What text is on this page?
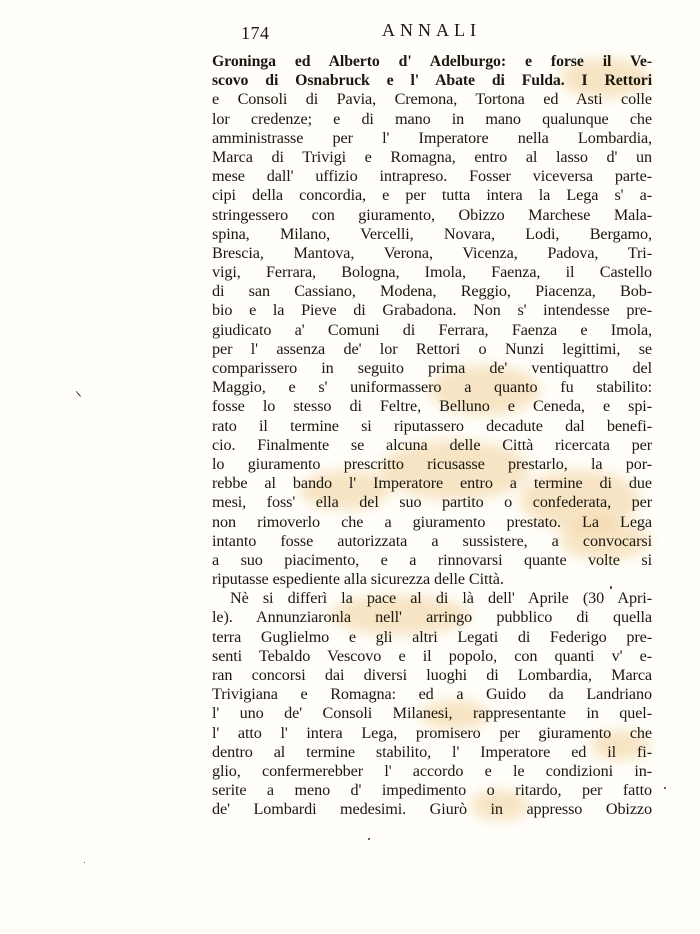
174	ANNALI
Groninga ed Alberto d' Adelburgo: e forse il Ve-
scovo di Osnabruck e l' Abate di Fulda. I Rettori
e Consoli di Pavia, Cremona, Tortona ed Asti colle
lor credenze; e di mano in mano qualunque che
amministrasse per l' Imperatore nella Lombardia,
Marca di Trivigi e Romagna, entro al lasso d' un
mese dall' uffizio intrapreso. Fosser viceversa parte-
cipi della concordia, e per tutta intera la Lega s' a-
stringessero con giuramento, Obizzo Marchese Mala-
spina, Milano, Vercelli, Novara, Lodi, Bergamo,
Brescia, Mantova, Verona, Vicenza, Padova, Tri-
vigi, Ferrara, Bologna, Imola, Faenza, il Castello
di san Cassiano, Modena, Reggio, Piacenza, Bob-
bio e la Pieve di Grabadona. Non s' intendesse pre-
giudicato a' Comuni di Ferrara, Faenza e Imola,
per l' assenza de' lor Rettori o Nunzi legittimi, se
comparissero in seguito prima de' ventiquattro del
Maggio, e s' uniformassero a quanto fu stabilito:
fosse lo stesso di Feltre, Belluno e Ceneda, e spi-
rato il termine si riputassero decadute dal benefi-
cio. Finalmente se alcuna delle Città ricercata per
lo giuramento prescritto ricusasse prestarlo, la por-
rebbe al bando l' Imperatore entro a termine di due
mesi, foss' ella del suo partito o confederata, per
non rimoverlo che a giuramento prestato. La Lega
intanto fosse autorizzata a sussistere, a convocarsi
a suo piacimento, e a rinnovarsi quante volte si
riputasse espediente alla sicurezza delle Città.
Nè si differì la pace al di là dell' Aprile (30 Apri-
le). Annunziaronla nell' arringo pubblico di quella
terra Guglielmo e gli altri Legati di Federigo pre-
senti Tebaldo Vescovo e il popolo, con quanti v' e-
ran concorsi dai diversi luoghi di Lombardia, Marca
Trivigiana e Romagna: ed a Guido da Landriano
l' uno de' Consoli Milanesi, rappresentante in quel-
l' atto l' intera Lega, promisero per giuramento che
dentro al termine stabilito, l' Imperatore ed il fi-
glio, confermerebber l' accordo e le condizioni in-
serite a meno d' impedimento o ritardo, per fatto
de' Lombardi medesimi. Giurò in appresso Obizzo
